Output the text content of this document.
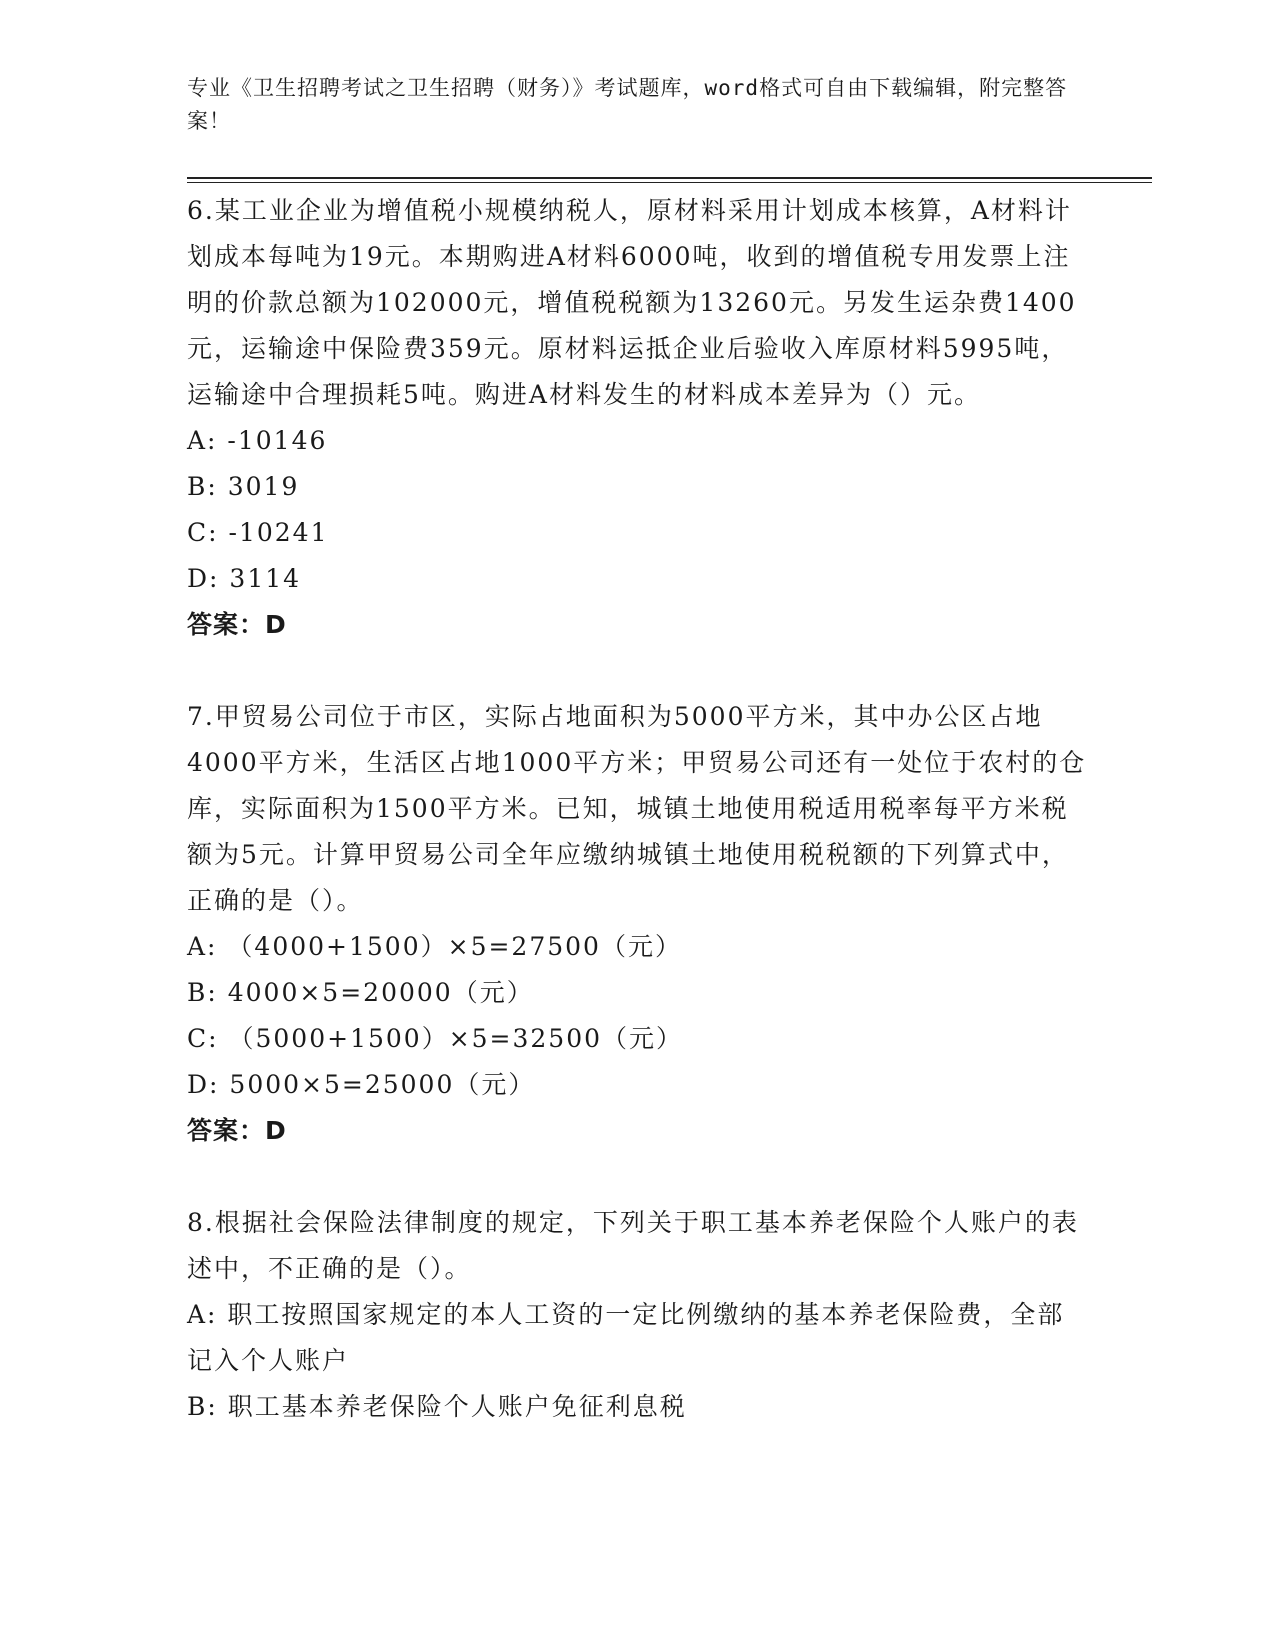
专业《卫生招聘考试之卫生招聘（财务）》考试题库，word格式可自由下载编辑，附完整答案！

6.某工业企业为增值税小规模纳税人，原材料采用计划成本核算，A材料计划成本每吨为19元。本期购进A材料6000吨，收到的增值税专用发票上注明的价款总额为102000元，增值税税额为13260元。另发生运杂费1400元，运输途中保险费359元。原材料运抵企业后验收入库原材料5995吨，运输途中合理损耗5吨。购进A材料发生的材料成本差异为（）元。

A: -10146

B: 3019

C: -10241

D: 3114

答案：D

7.甲贸易公司位于市区，实际占地面积为5000平方米，其中办公区占地4000平方米，生活区占地1000平方米；甲贸易公司还有一处位于农村的仓库，实际面积为1500平方米。已知，城镇土地使用税适用税率每平方米税额为5元。计算甲贸易公司全年应缴纳城镇土地使用税税额的下列算式中，正确的是（）。

A: （4000+1500）×5=27500（元）

B: 4000×5=20000（元）

C: （5000+1500）×5=32500（元）

D: 5000×5=25000（元）

答案：D

8.根据社会保险法律制度的规定，下列关于职工基本养老保险个人账户的表述中，不正确的是（）。

A: 职工按照国家规定的本人工资的一定比例缴纳的基本养老保险费，全部记入个人账户

B: 职工基本养老保险个人账户免征利息税
